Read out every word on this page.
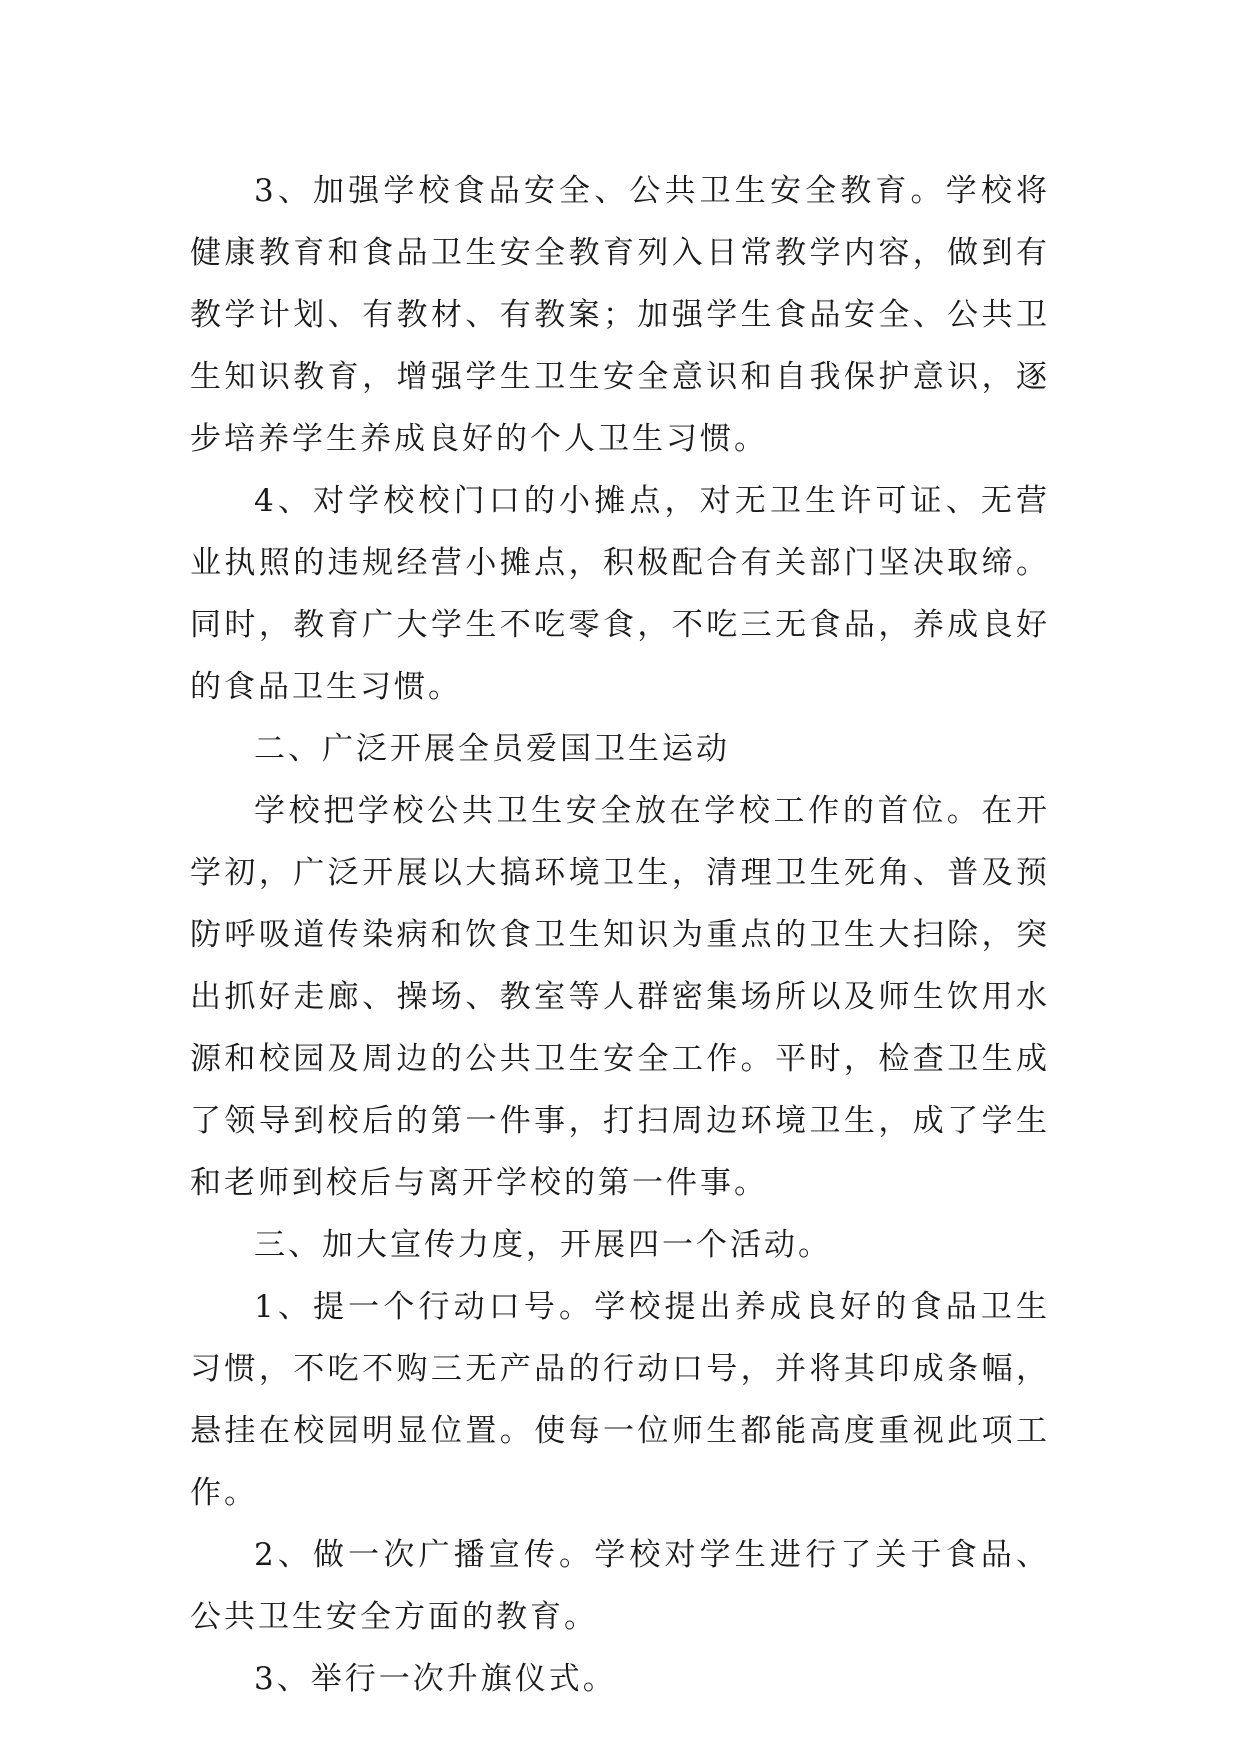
3、加强学校食品安全、公共卫生安全教育。学校将健康教育和食品卫生安全教育列入日常教学内容，做到有教学计划、有教材、有教案；加强学生食品安全、公共卫生知识教育，增强学生卫生安全意识和自我保护意识，逐步培养学生养成良好的个人卫生习惯。

4、对学校校门口的小摊点，对无卫生许可证、无营业执照的违规经营小摊点，积极配合有关部门坚决取缔。同时，教育广大学生不吃零食，不吃三无食品，养成良好的食品卫生习惯。

二、广泛开展全员爱国卫生运动

学校把学校公共卫生安全放在学校工作的首位。在开学初，广泛开展以大搞环境卫生，清理卫生死角、普及预防呼吸道传染病和饮食卫生知识为重点的卫生大扫除，突出抓好走廊、操场、教室等人群密集场所以及师生饮用水源和校园及周边的公共卫生安全工作。平时，检查卫生成了领导到校后的第一件事，打扫周边环境卫生，成了学生和老师到校后与离开学校的第一件事。

三、加大宣传力度，开展四一个活动。

1、提一个行动口号。学校提出养成良好的食品卫生习惯，不吃不购三无产品的行动口号，并将其印成条幅，悬挂在校园明显位置。使每一位师生都能高度重视此项工作。

2、做一次广播宣传。学校对学生进行了关于食品、公共卫生安全方面的教育。

3、举行一次升旗仪式。
